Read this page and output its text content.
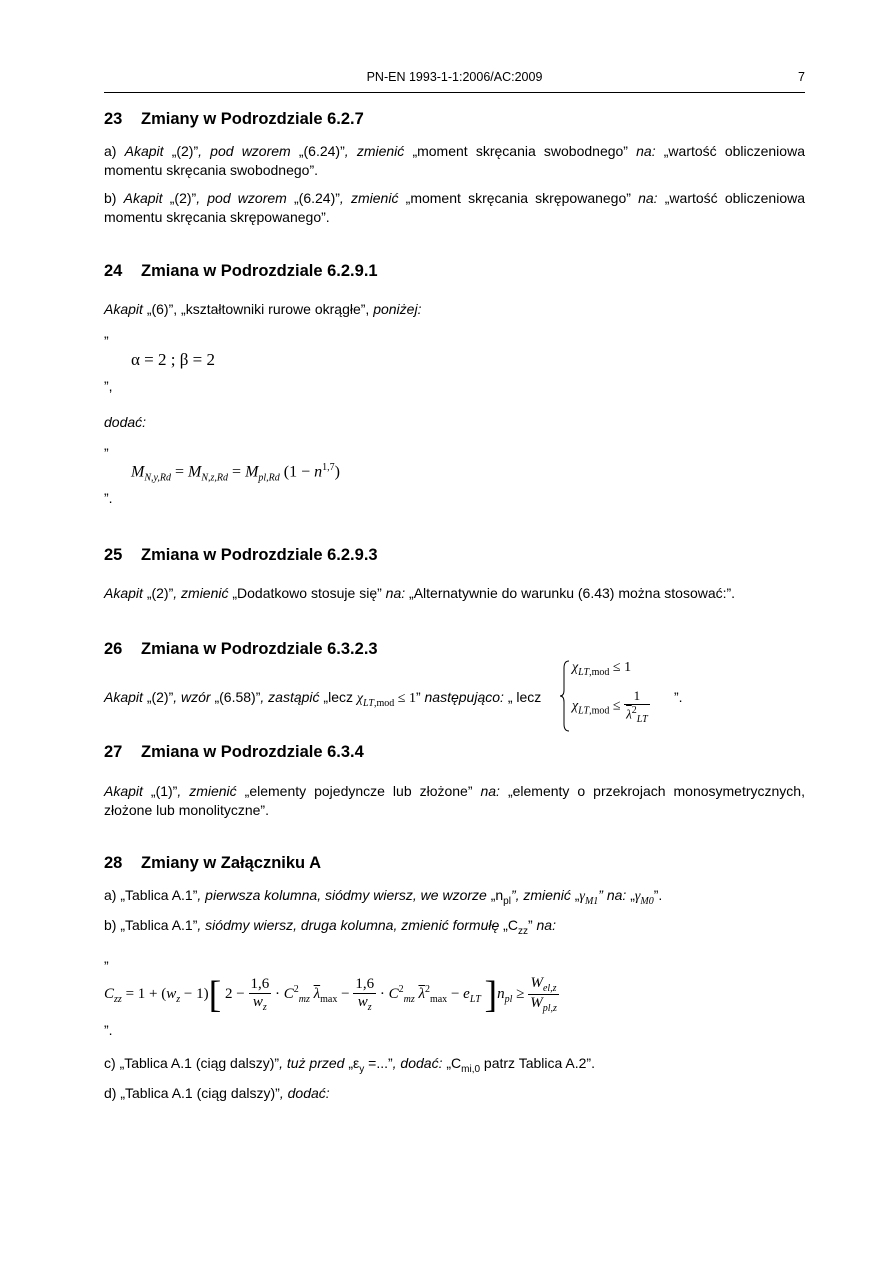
PN-EN 1993-1-1:2006/AC:2009	7
23 Zmiany w Podrozdziale 6.2.7
a) Akapit „(2)”, pod wzorem „(6.24)”, zmienić „moment skręcania swobodnego” na: „wartość obliczeniowa momentu skręcania swobodnego”.
b) Akapit „(2)”, pod wzorem „(6.24)”, zmienić „moment skręcania skrępowanego” na: „wartość obliczeniowa momentu skręcania skrępowanego”.
24 Zmiana w Podrozdziale 6.2.9.1
Akapit „(6)”, „kształtowniki rurowe okrągłe”, poniżej:
”
α = 2 ; β = 2
”,
dodać:
”
$M_{N,y,Rd} = M_{N,z,Rd} = M_{pl,Rd}$ $(1 - n^{1,7})$
”.
25 Zmiana w Podrozdziale 6.2.9.3
Akapit „(2)”, zmienić „Dodatkowo stosuje się” na: „Alternatywnie do warunku (6.43) można stosować:”.
26 Zmiana w Podrozdziale 6.3.2.3
Akapit „(2)”, wzór „(6.58)”, zastąpić „lecz $\chi_{LT,mod} \le 1$” następująco: „ lecz
$\chi_{LT,mod} \le 1$
$\chi_{LT,mod} \le \frac{1}{\overline{\lambda}^2_{LT}}$ ”.
27 Zmiana w Podrozdziale 6.3.4
Akapit „(1)”, zmienić „elementy pojedyncze lub złożone” na: „elementy o przekrojach monosymetrycznych, złożone lub monolityczne”.
28 Zmiany w Załączniku A
a) „Tablica A.1”, pierwsza kolumna, siódmy wiersz, we wzorze $„n_{pl}$”, zmienić $„\gamma_{M1}$” na: $„\gamma_{M0}$”.
b) „Tablica A.1”, siódmy wiersz, druga kolumna, zmienić formułę $„C_{zz}$” na:
”
$C_{zz} = 1 + (w_z - 1)$[ $2 - \frac{1,6}{w_z} \cdot C^2_{mz}$ $\overline{\lambda}_{max} - \frac{1,6}{w_z} \cdot C^2_{mz}$ $\overline{\lambda}^2_{max} - e_{LT}$ ]$n_{pl} \ge \frac{W_{el,z}}{W_{pl,z}}$
”.
c) „Tablica A.1 (ciąg dalszy)”, tuż przed $„\varepsilon_y$ =...”, dodać: $„C_{mi,0}$ patrz Tablica A.2”.
d) „Tablica A.1 (ciąg dalszy)”, dodać:
